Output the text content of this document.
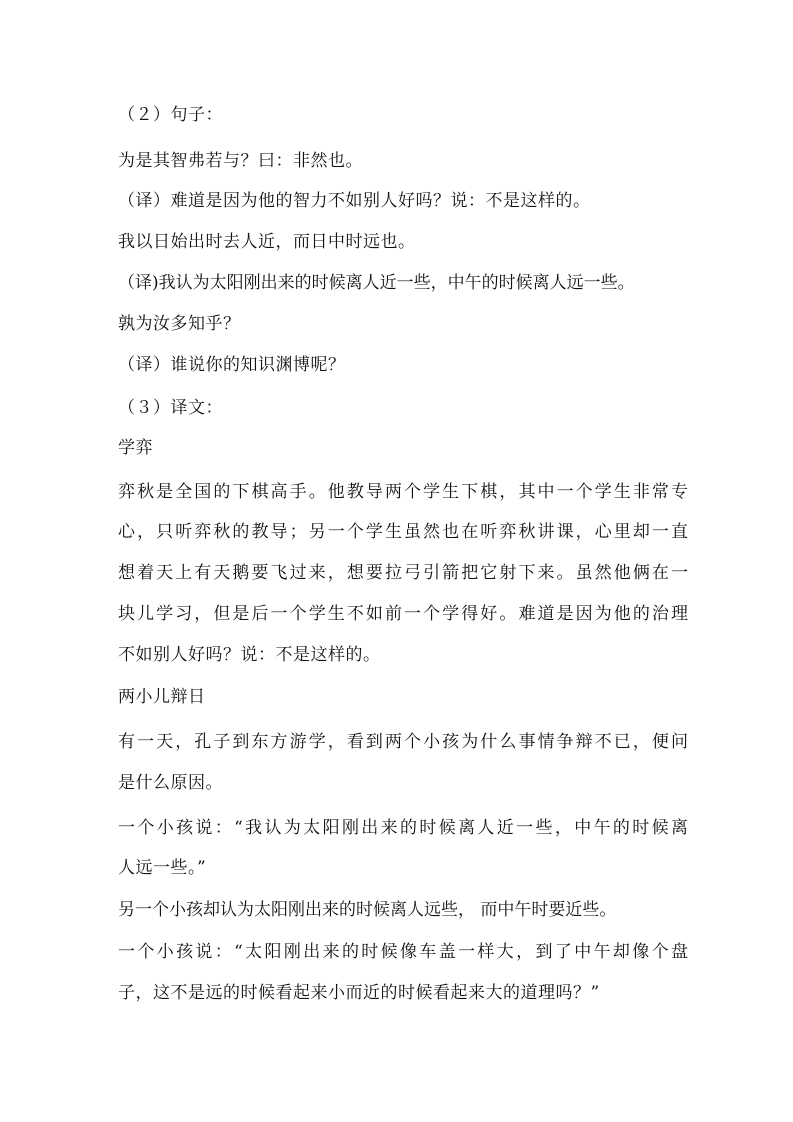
（２）句子：
为是其智弗若与？曰：非然也。
（译）难道是因为他的智力不如别人好吗？说：不是这样的。
我以日始出时去人近，而日中时远也。
（译)我认为太阳刚出来的时候离人近一些，中午的时候离人远一些。
孰为汝多知乎？
（译）谁说你的知识渊博呢？
（３）译文：
学弈
弈秋是全国的下棋高手。他教导两个学生下棋，其中一个学生非常专
心，只听弈秋的教导；另一个学生虽然也在听弈秋讲课，心里却一直
想着天上有天鹅要飞过来，想要拉弓引箭把它射下来。虽然他俩在一
块儿学习，但是后一个学生不如前一个学得好。难道是因为他的治理
不如别人好吗？说：不是这样的。
两小儿辩日
有一天，孔子到东方游学，看到两个小孩为什么事情争辩不已，便问
是什么原因。
一个小孩说：“我认为太阳刚出来的时候离人近一些，中午的时候离
人远一些。”
另一个小孩却认为太阳刚出来的时候离人远些， 而中午时要近些。
一个小孩说：“太阳刚出来的时候像车盖一样大，到了中午却像个盘
子，这不是远的时候看起来小而近的时候看起来大的道理吗？”
